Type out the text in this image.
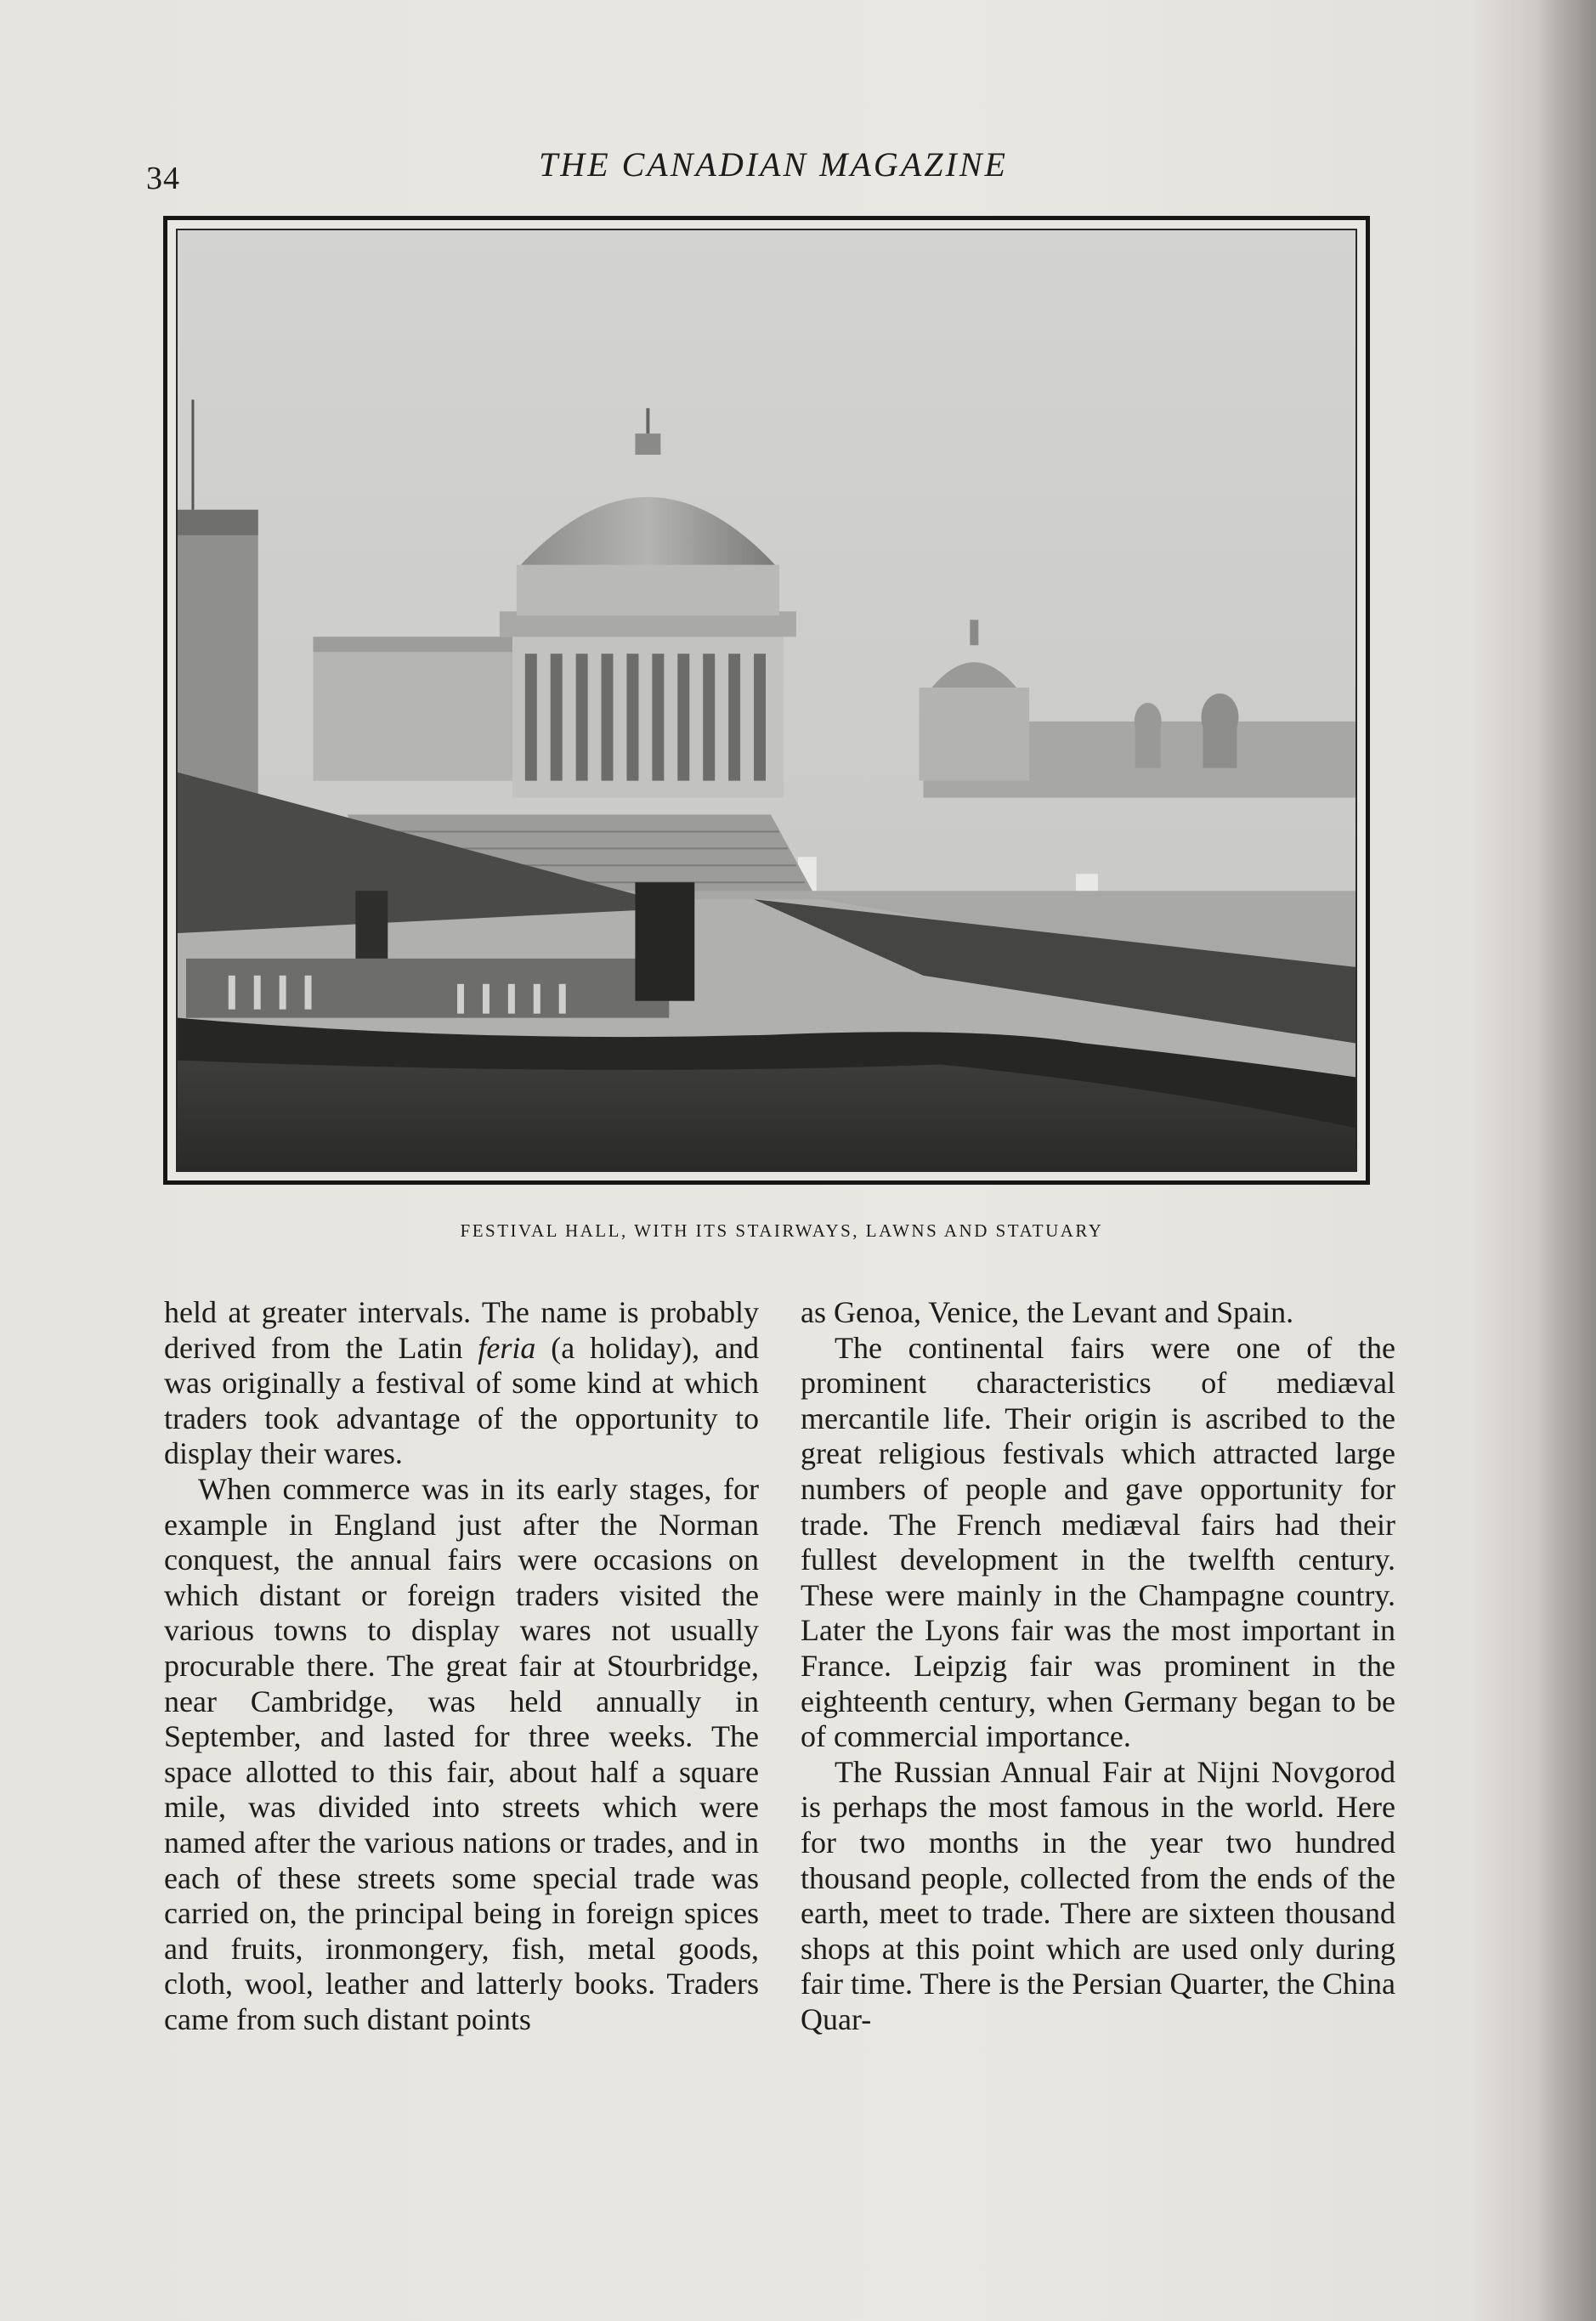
34	THE CANADIAN MAGAZINE
FESTIVAL HALL, WITH ITS STAIRWAYS, LAWNS AND STATUARY

held at greater intervals. The name is probably derived from the Latin feria (a holiday), and was originally a festival of some kind at which traders took advantage of the opportunity to display their wares.

When commerce was in its early stages, for example in England just after the Norman conquest, the annual fairs were occasions on which distant or foreign traders visited the various towns to display wares not usually procurable there. The great fair at Stourbridge, near Cambridge, was held annually in September, and lasted for three weeks. The space allotted to this fair, about half a square mile, was divided into streets which were named after the various nations or trades, and in each of these streets some special trade was carried on, the principal being in foreign spices and fruits, ironmongery, fish, metal goods, cloth, wool, leather and latterly books. Traders came from such distant points

as Genoa, Venice, the Levant and Spain.

The continental fairs were one of the prominent characteristics of mediæval mercantile life. Their origin is ascribed to the great religious festivals which attracted large numbers of people and gave opportunity for trade. The French mediæval fairs had their fullest development in the twelfth century. These were mainly in the Champagne country. Later the Lyons fair was the most important in France. Leipzig fair was prominent in the eighteenth century, when Germany began to be of commercial importance.

The Russian Annual Fair at Nijni Novgorod is perhaps the most famous in the world. Here for two months in the year two hundred thousand people, collected from the ends of the earth, meet to trade. There are sixteen thousand shops at this point which are used only during fair time. There is the Persian Quarter, the China Quar-
